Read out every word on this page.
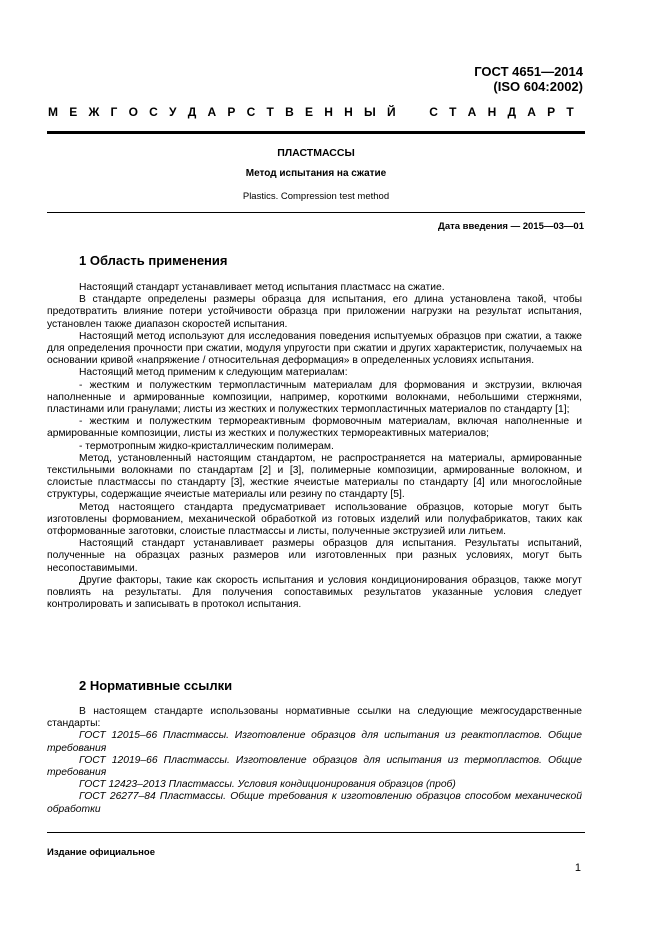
ГОСТ 4651—2014
(ISO 604:2002)
М Е Ж Г О С У Д А Р С Т В Е Н Н Ы Й	С Т А Н Д А Р Т
ПЛАСТМАССЫ
Метод испытания на сжатие
Plastics. Compression test method
Дата введения — 2015—03—01
1 Область применения

Настоящий стандарт устанавливает метод испытания пластмасс на сжатие.

В стандарте определены размеры образца для испытания, его длина установлена такой, чтобы предотвратить влияние потери устойчивости образца при приложении нагрузки на результат испытания, установлен также диапазон скоростей испытания.

Настоящий метод используют для исследования поведения испытуемых образцов при сжатии, а также для определения прочности при сжатии, модуля упругости при сжатии и других характеристик, получаемых на основании кривой «напряжение / относительная деформация» в определенных условиях испытания.

Настоящий метод применим к следующим материалам:

- жестким и полужестким термопластичным материалам для формования и экструзии, включая наполненные и армированные композиции, например, короткими волокнами, небольшими стержнями, пластинами или гранулами; листы из жестких и полужестких термопластичных материалов по стандарту [1];

- жестким и полужестким термореактивным формовочным материалам, включая наполненные и армированные композиции, листы из жестких и полужестких термореактивных материалов;

- термотропным жидко-кристаллическим полимерам.

Метод, установленный настоящим стандартом, не распространяется на материалы, армированные текстильными волокнами по стандартам [2] и [3], полимерные композиции, армированные волокном, и слоистые пластмассы по стандарту [3], жесткие ячеистые материалы по стандарту [4] или многослойные структуры, содержащие ячеистые материалы или резину по стандарту [5].

Метод настоящего стандарта предусматривает использование образцов, которые могут быть изготовлены формованием, механической обработкой из готовых изделий или полуфабрикатов, таких как отформованные заготовки, слоистые пластмассы и листы, полученные экструзией или литьем.

Настоящий стандарт устанавливает размеры образцов для испытания. Результаты испытаний, полученные на образцах разных размеров или изготовленных при разных условиях, могут быть несопоставимыми.

Другие факторы, такие как скорость испытания и условия кондиционирования образцов, также могут повлиять на результаты. Для получения сопоставимых результатов указанные условия следует контролировать и записывать в протокол испытания.

2 Нормативные ссылки

В настоящем стандарте использованы нормативные ссылки на следующие межгосударственные стандарты:

ГОСТ 12015–66 Пластмассы. Изготовление образцов для испытания из реактопластов. Общие требования

ГОСТ 12019–66 Пластмассы. Изготовление образцов для испытания из термопластов. Общие требования

ГОСТ 12423–2013 Пластмассы. Условия кондиционирования образцов (проб)

ГОСТ 26277–84 Пластмассы. Общие требования к изготовлению образцов способом механической обработки

Издание официальное
1
